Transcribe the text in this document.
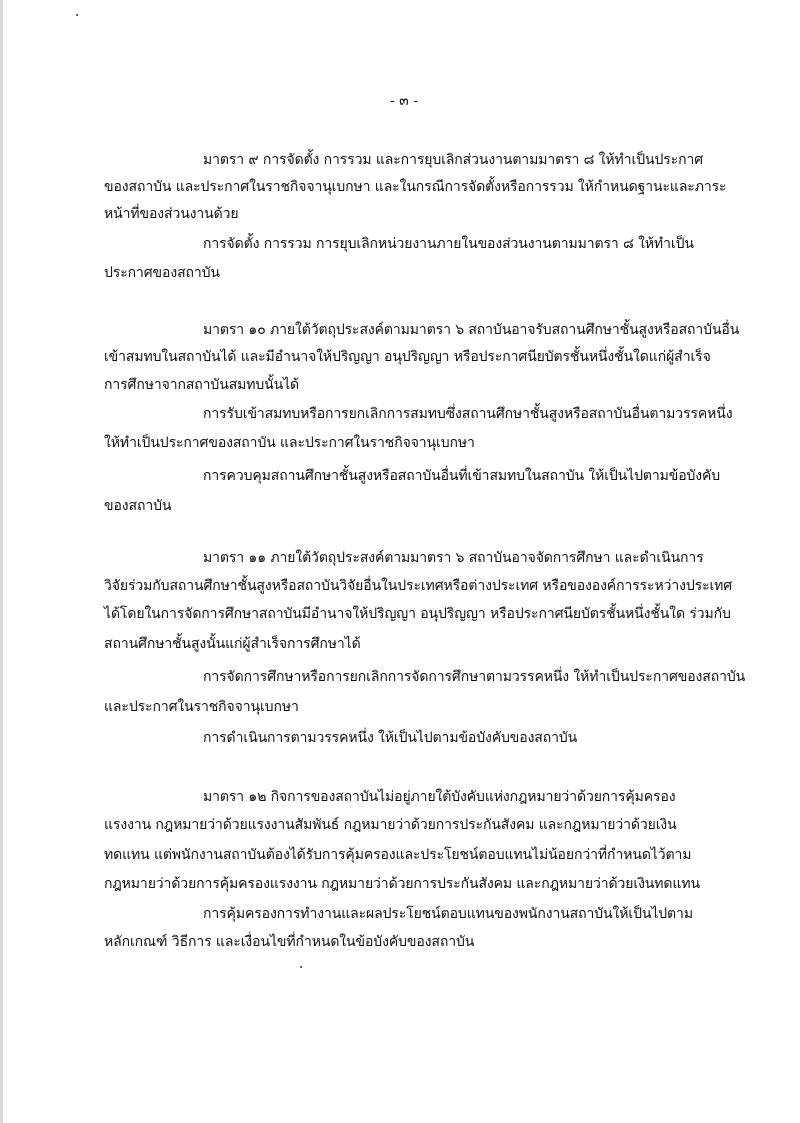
- ๓ -
มาตรา ๙ การจัดตั้ง การรวม และการยุบเลิกส่วนงานตามมาตรา ๘ ให้ทำเป็นประกาศ
ของสถาบัน และประกาศในราชกิจจานุเบกษา และในกรณีการจัดตั้งหรือการรวม ให้กำหนดฐานะและภาระ
หน้าที่ของส่วนงานด้วย
การจัดตั้ง การรวม การยุบเลิกหน่วยงานภายในของส่วนงานตามมาตรา ๘ ให้ทำเป็น
ประกาศของสถาบัน
มาตรา ๑๐ ภายใต้วัตถุประสงค์ตามมาตรา ๖ สถาบันอาจรับสถานศึกษาชั้นสูงหรือสถาบันอื่น
เข้าสมทบในสถาบันได้ และมีอำนาจให้ปริญญา อนุปริญญา หรือประกาศนียบัตรชั้นหนึ่งชั้นใดแก่ผู้สำเร็จ
การศึกษาจากสถาบันสมทบนั้นได้
การรับเข้าสมทบหรือการยกเลิกการสมทบซึ่งสถานศึกษาชั้นสูงหรือสถาบันอื่นตามวรรคหนึ่ง
ให้ทำเป็นประกาศของสถาบัน และประกาศในราชกิจจานุเบกษา
การควบคุมสถานศึกษาชั้นสูงหรือสถาบันอื่นที่เข้าสมทบในสถาบัน ให้เป็นไปตามข้อบังคับ
ของสถาบัน
มาตรา ๑๑ ภายใต้วัตถุประสงค์ตามมาตรา ๖ สถาบันอาจจัดการศึกษา และดำเนินการ
วิจัยร่วมกับสถานศึกษาชั้นสูงหรือสถาบันวิจัยอื่นในประเทศหรือต่างประเทศ หรือขององค์การระหว่างประเทศ
ได้โดยในการจัดการศึกษาสถาบันมีอำนาจให้ปริญญา อนุปริญญา หรือประกาศนียบัตรชั้นหนึ่งชั้นใด ร่วมกับ
สถานศึกษาชั้นสูงนั้นแก่ผู้สำเร็จการศึกษาได้
การจัดการศึกษาหรือการยกเลิกการจัดการศึกษาตามวรรคหนึ่ง ให้ทำเป็นประกาศของสถาบัน
และประกาศในราชกิจจานุเบกษา
การดำเนินการตามวรรคหนึ่ง ให้เป็นไปตามข้อบังคับของสถาบัน
มาตรา ๑๒ กิจการของสถาบันไม่อยู่ภายใต้บังคับแห่งกฎหมายว่าด้วยการคุ้มครอง
แรงงาน กฎหมายว่าด้วยแรงงานสัมพันธ์ กฎหมายว่าด้วยการประกันสังคม และกฎหมายว่าด้วยเงิน
ทดแทน แต่พนักงานสถาบันต้องได้รับการคุ้มครองและประโยชน์ตอบแทนไม่น้อยกว่าที่กำหนดไว้ตาม
กฎหมายว่าด้วยการคุ้มครองแรงงาน กฎหมายว่าด้วยการประกันสังคม และกฎหมายว่าด้วยเงินทดแทน
การคุ้มครองการทำงานและผลประโยชน์ตอบแทนของพนักงานสถาบันให้เป็นไปตาม
หลักเกณฑ์ วิธีการ และเงื่อนไขที่กำหนดในข้อบังคับของสถาบัน
